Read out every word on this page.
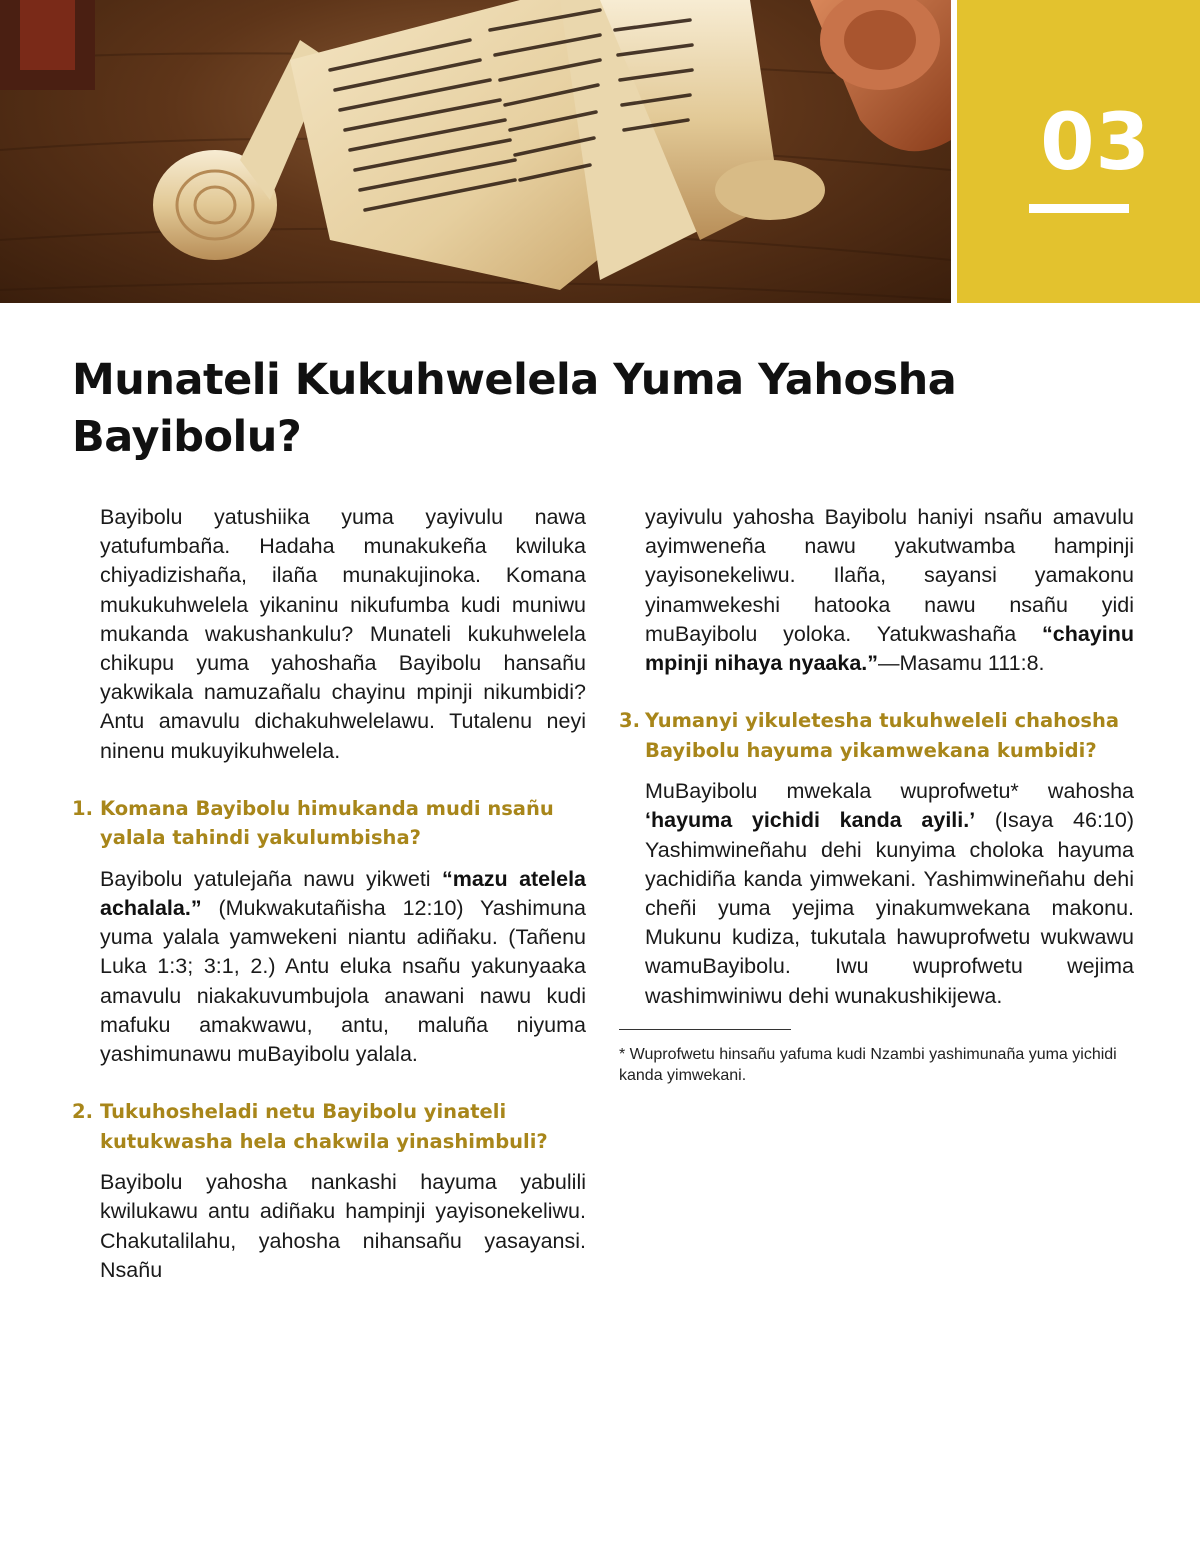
03
Munateli Kukuhwelela Yuma Yahosha Bayibolu?

Bayibolu yatushiika yuma yayivulu nawa yatufumbaña. Hadaha munakukeña kwiluka chiyadizishaña, ilaña munakujinoka. Komana mukukuhwelela yikaninu nikufumba kudi muniwu mukanda wakushankulu? Munateli kukuhwelela chikupu yuma yahoshaña Bayibolu hansañu yakwikala namuzañalu chayinu mpinji nikumbidi? Antu amavulu dichakuhwelelawu. Tutalenu neyi ninenu mukuyikuhwelela.

1. Komana Bayibolu himukanda mudi nsañu yalala tahindi yakulumbisha?

Bayibolu yatulejaña nawu yikweti “mazu atelela achalala.” (Mukwakutañisha 12:10) Yashimuna yuma yalala yamwekeni niantu adiñaku. (Tañenu Luka 1:3; 3:1, 2.) Antu eluka nsañu yakunyaaka amavulu niakakuvumbujola anawani nawu kudi mafuku amakwawu, antu, maluña niyuma yashimunawu muBayibolu yalala.

2. Tukuhosheladi netu Bayibolu yinateli kutukwasha hela chakwila yinashimbuli?

Bayibolu yahosha nankashi hayuma yabulili kwilukawu antu adiñaku hampinji yayisonekeliwu. Chakutalilahu, yahosha nihansañu yasayansi. Nsañu

yayivulu yahosha Bayibolu haniyi nsañu amavulu ayimweneña nawu yakutwamba hampinji yayisonekeliwu. Ilaña, sayansi yamakonu yinamwekeshi hatooka nawu nsañu yidi muBayibolu yoloka. Yatukwashaña “chayinu mpinji nihaya nyaaka.”—Masamu 111:8.

3. Yumanyi yikuletesha tukuhweleli chahosha Bayibolu hayuma yikamwekana kumbidi?

MuBayibolu mwekala wuprofwetu* wahosha ‘hayuma yichidi kanda ayili.’ (Isaya 46:10) Yashimwineñahu dehi kunyima choloka hayuma yachidiña kanda yimwekani. Yashimwineñahu dehi cheñi yuma yejima yinakumwekana makonu. Mukunu kudiza, tukutala hawuprofwetu wukwawu wamuBayibolu. Iwu wuprofwetu wejima washimwiniwu dehi wunakushikijewa.

* Wuprofwetu hinsañu yafuma kudi Nzambi yashimunaña yuma yichidi kanda yimwekani.
